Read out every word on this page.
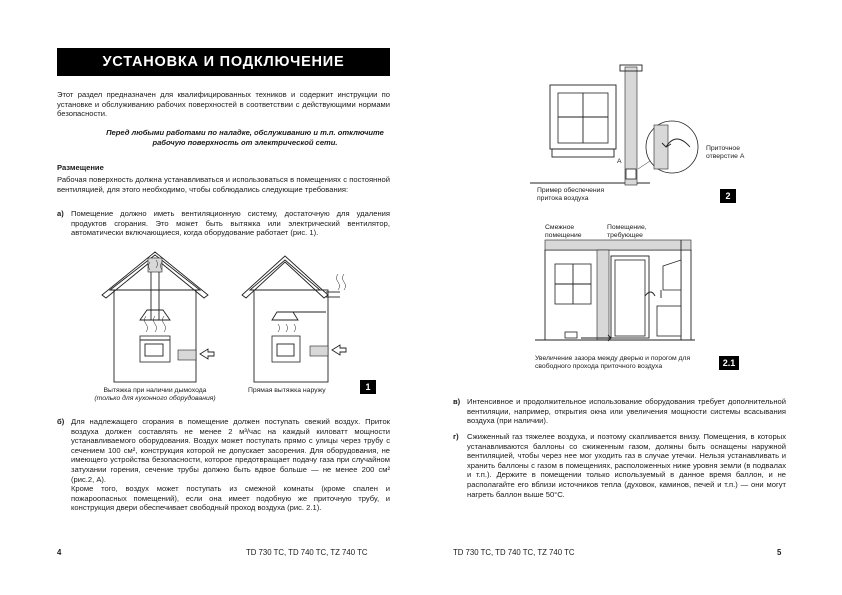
УСТАНОВКА И ПОДКЛЮЧЕНИЕ
Этот раздел предназначен для квалифицированных техников и содержит инструкции по установке и обслуживанию рабочих поверхностей в соответствии с действующими нормами безопасности.
Перед любыми работами по наладке, обслуживанию и т.п. отключите рабочую поверхность от электрической сети.
Размещение
Рабочая поверхность должна устанавливаться и использоваться в помещениях с постоянной вентиляцией, для этого необходимо, чтобы соблюдались следующие требования:
а) Помещение должно иметь вентиляционную систему, достаточную для удаления продуктов сгорания. Это может быть вытяжка или электрический вентилятор, автоматически включающиеся, когда оборудование работает (рис. 1).
Вытяжка при наличии дымохода
(только для кухонного оборудования)
Прямая вытяжка наружу	1
б) Для надлежащего сгорания в помещение должен поступать свежий воздух. Приток воздуха должен составлять не менее 2 м³/час на каждый киловатт мощности устанавливаемого оборудования. Воздух может поступать прямо с улицы через трубу с сечением 100 см², конструкция которой не допускает засорения. Для оборудования, не имеющего устройства безопасности, которое предотвращает подачу газа при случайном затухании горения, сечение трубы должно быть вдвое больше — не менее 200 см² (рис.2, А).
Кроме того, воздух может поступать из смежной комнаты (кроме спален и пожароопасных помещений), если она имеет подобную же приточную трубу, и конструкция двери обеспечивает свободный проход воздуха (рис. 2.1).
4	TD 730 TC, TD 740 TC, TZ 740 TC
А
Приточное отверстие А
Пример обеспечения притока воздуха	2
Смежное помещение
Помещение, требующее
Увеличение зазора между дверью и порогом для свободного прохода приточного воздуха	2.1
в) Интенсивное и продолжительное использование оборудования требует дополнительной вентиляции, например, открытия окна или увеличения мощности системы всасывания воздуха (при наличии).
г) Сжиженный газ тяжелее воздуха, и поэтому скапливается внизу. Помещения, в которых устанавливаются баллоны со сжиженным газом, должны быть оснащены наружной вентиляцией, чтобы через нее мог уходить газ в случае утечки. Нельзя устанавливать и хранить баллоны с газом в помещениях, расположенных ниже уровня земли (в подвалах и т.п.). Держите в помещении только используемый в данное время баллон, и не располагайте его вблизи источников тепла (духовок, каминов, печей и т.п.) — они могут нагреть баллон выше 50°С.
TD 730 TC, TD 740 TC, TZ 740 TC	5
